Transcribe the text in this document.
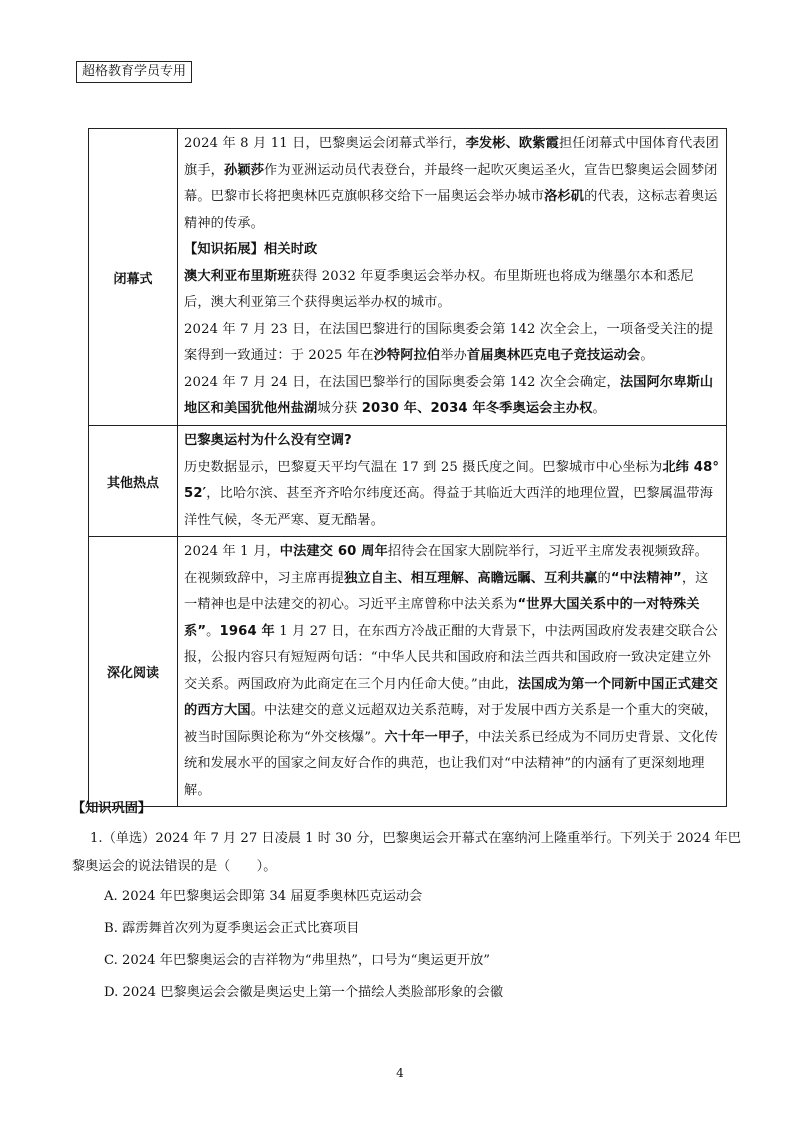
超格教育学员专用
闭幕式	2024 年 8 月 11 日，巴黎奥运会闭幕式举行，李发彬、欧紫霞担任闭幕式中国体育代表团旗手，孙颖莎作为亚洲运动员代表登台，并最终一起吹灭奥运圣火，宣告巴黎奥运会圆梦闭幕。巴黎市长将把奥林匹克旗帜移交给下一届奥运会举办城市洛杉矶的代表，这标志着奥运精神的传承。

【知识拓展】相关时政

澳大利亚布里斯班获得 2032 年夏季奥运会举办权。布里斯班也将成为继墨尔本和悉尼后，澳大利亚第三个获得奥运举办权的城市。

2024 年 7 月 23 日，在法国巴黎进行的国际奥委会第 142 次全会上，一项备受关注的提案得到一致通过：于 2025 年在沙特阿拉伯举办首届奥林匹克电子竞技运动会。

2024 年 7 月 24 日，在法国巴黎举行的国际奥委会第 142 次全会确定，法国阿尔卑斯山地区和美国犹他州盐湖城分获 2030 年、2034 年冬季奥运会主办权。

其他热点	巴黎奥运村为什么没有空调?

历史数据显示，巴黎夏天平均气温在 17 到 25 摄氏度之间。巴黎城市中心坐标为北纬 48° 52′，比哈尔滨、甚至齐齐哈尔纬度还高。得益于其临近大西洋的地理位置，巴黎属温带海洋性气候，冬无严寒、夏无酷暑。

深化阅读	2024 年 1 月，中法建交 60 周年招待会在国家大剧院举行，习近平主席发表视频致辞。在视频致辞中，习主席再提独立自主、相互理解、高瞻远瞩、互利共赢的“中法精神”，这一精神也是中法建交的初心。习近平主席曾称中法关系为“世界大国关系中的一对特殊关系”。1964 年 1 月 27 日，在东西方冷战正酣的大背景下，中法两国政府发表建交联合公报，公报内容只有短短两句话：“中华人民共和国政府和法兰西共和国政府一致决定建立外交关系。两国政府为此商定在三个月内任命大使。”由此，法国成为第一个同新中国正式建交的西方大国。中法建交的意义远超双边关系范畴，对于发展中西方关系是一个重大的突破，被当时国际舆论称为“外交核爆”。六十年一甲子，中法关系已经成为不同历史背景、文化传统和发展水平的国家之间友好合作的典范，也让我们对“中法精神”的内涵有了更深刻地理解。

【知识巩固】
1.（单选）2024 年 7 月 27 日凌晨 1 时 30 分，巴黎奥运会开幕式在塞纳河上隆重举行。下列关于 2024 年巴黎奥运会的说法错误的是（　　）。
A. 2024 年巴黎奥运会即第 34 届夏季奥林匹克运动会
B. 霹雳舞首次列为夏季奥运会正式比赛项目
C. 2024 年巴黎奥运会的吉祥物为“弗里热”，口号为“奥运更开放”
D. 2024 巴黎奥运会会徽是奥运史上第一个描绘人类脸部形象的会徽
4
